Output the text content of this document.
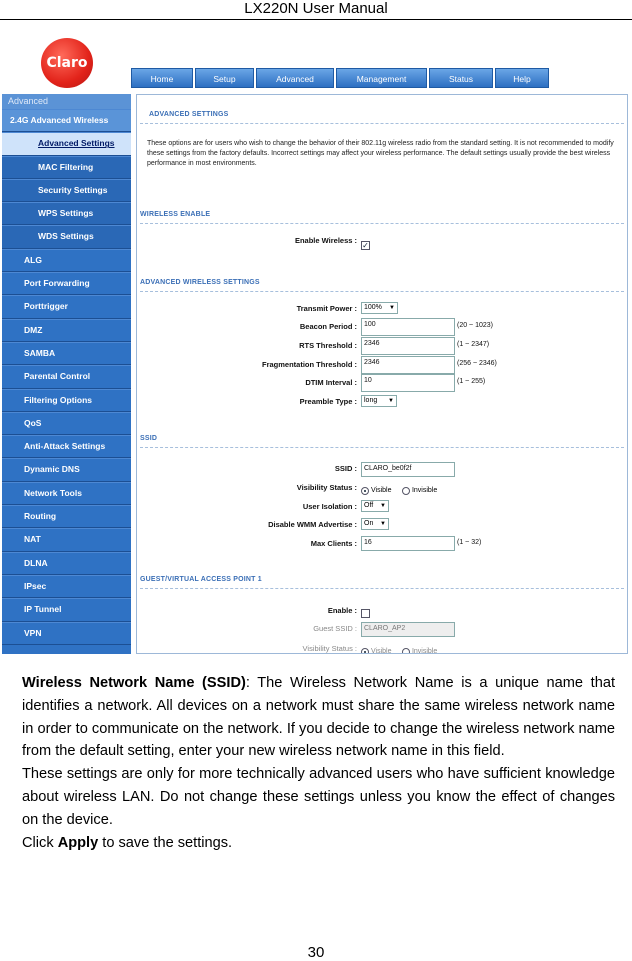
LX220N User Manual
Claro
Home	Setup	Advanced	Management	Status	Help
Advanced
2.4G Advanced Wireless
Advanced Settings
MAC Filtering
Security Settings
WPS Settings
WDS Settings
ALG
Port Forwarding
Porttrigger
DMZ
SAMBA
Parental Control
Filtering Options
QoS
Anti-Attack Settings
Dynamic DNS
Network Tools
Routing
NAT
DLNA
IPsec
IP Tunnel
VPN
ADVANCED SETTINGS
These options are for users who wish to change the behavior of their 802.11g wireless radio from the standard setting. It is not recommended to modify these settings from the factory defaults. Incorrect settings may affect your wireless performance. The default settings usually provide the best wireless performance in most environments.
WIRELESS ENABLE
Enable Wireless :
✓
ADVANCED WIRELESS SETTINGS
Transmit Power :	100% ▼
Beacon Period :	100	(20 ~ 1023)
RTS Threshold :	2346	(1 ~ 2347)
Fragmentation Threshold :	2346	(256 ~ 2346)
DTIM Interval :	10	(1 ~ 255)
Preamble Type :	long ▼
SSID
SSID :	CLARO_be0f2f
Visibility Status :	Visible	Invisible
User Isolation :	Off ▼
Disable WMM Advertise :	On ▼
Max Clients :	16	(1 ~ 32)
GUEST/VIRTUAL ACCESS POINT 1
Enable :
Guest SSID :	CLARO_AP2
Visibility Status :	Visible	Invisible

Wireless Network Name (SSID): The Wireless Network Name is a unique name that identifies a network. All devices on a network must share the same wireless network name in order to communicate on the network. If you decide to change the wireless network name from the default setting, enter your new wireless network name in this field.

These settings are only for more technically advanced users who have sufficient knowledge about wireless LAN. Do not change these settings unless you know the effect of changes on the device.

Click Apply to save the settings.

30
